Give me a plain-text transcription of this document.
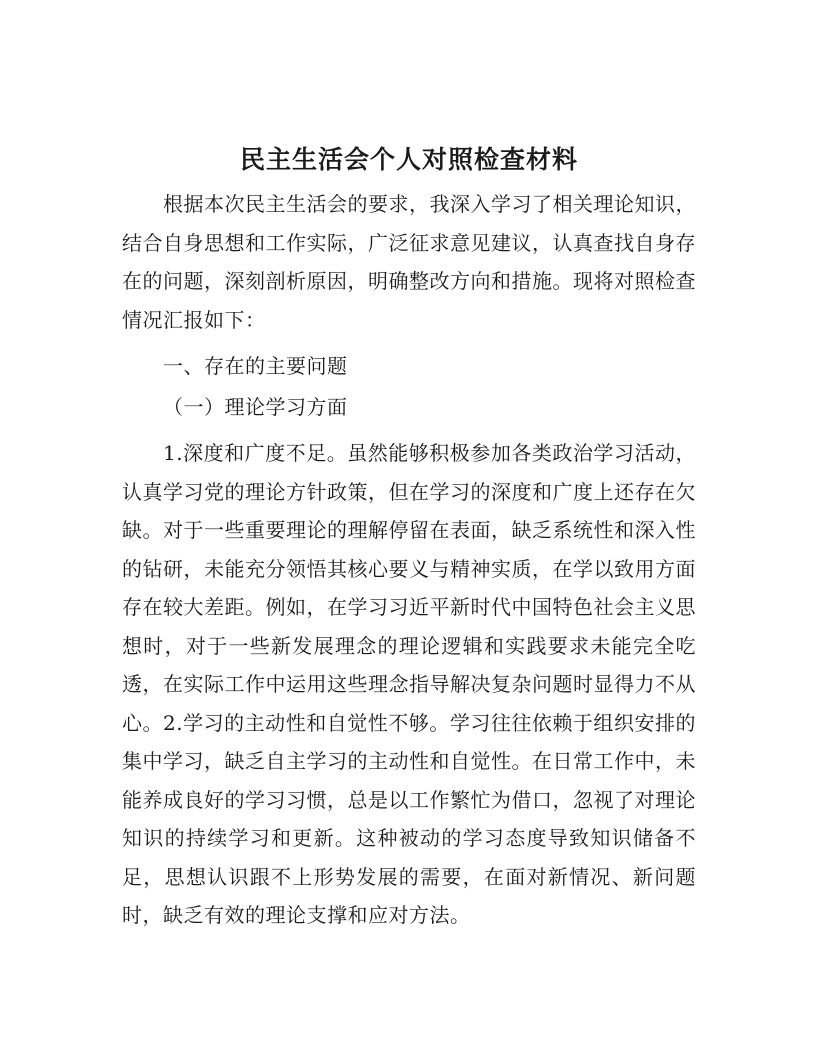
民主生活会个人对照检查材料

根据本次民主生活会的要求，我深入学习了相关理论知识，结合自身思想和工作实际，广泛征求意见建议，认真查找自身存在的问题，深刻剖析原因，明确整改方向和措施。现将对照检查情况汇报如下：

一、存在的主要问题

（一）理论学习方面

1.深度和广度不足。虽然能够积极参加各类政治学习活动，认真学习党的理论方针政策，但在学习的深度和广度上还存在欠缺。对于一些重要理论的理解停留在表面，缺乏系统性和深入性的钻研，未能充分领悟其核心要义与精神实质，在学以致用方面存在较大差距。例如，在学习习近平新时代中国特色社会主义思想时，对于一些新发展理念的理论逻辑和实践要求未能完全吃透，在实际工作中运用这些理念指导解决复杂问题时显得力不从心。2.学习的主动性和自觉性不够。学习往往依赖于组织安排的集中学习，缺乏自主学习的主动性和自觉性。在日常工作中，未能养成良好的学习习惯，总是以工作繁忙为借口，忽视了对理论知识的持续学习和更新。这种被动的学习态度导致知识储备不足，思想认识跟不上形势发展的需要，在面对新情况、新问题时，缺乏有效的理论支撑和应对方法。
